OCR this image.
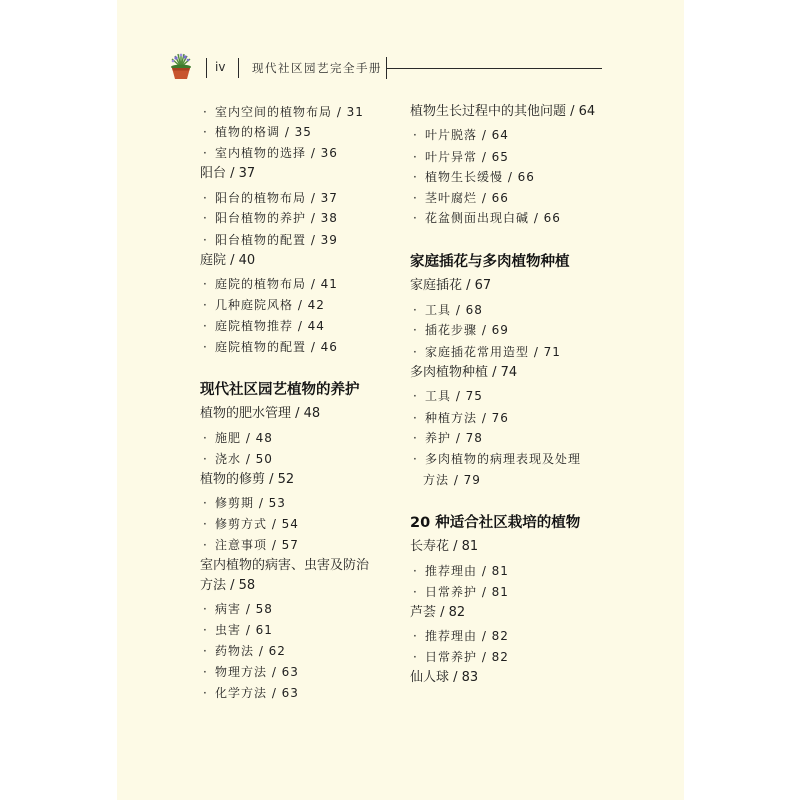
iv 现代社区园艺完全手册
· 室内空间的植物布局 / 31
· 植物的格调 / 35
· 室内植物的选择 / 36
阳台 / 37
· 阳台的植物布局 / 37
· 阳台植物的养护 / 38
· 阳台植物的配置 / 39
庭院 / 40
· 庭院的植物布局 / 41
· 几种庭院风格 / 42
· 庭院植物推荐 / 44
· 庭院植物的配置 / 46
现代社区园艺植物的养护
植物的肥水管理 / 48
· 施肥 / 48
· 浇水 / 50
植物的修剪 / 52
· 修剪期 / 53
· 修剪方式 / 54
· 注意事项 / 57
室内植物的病害、虫害及防治
方法 / 58
· 病害 / 58
· 虫害 / 61
· 药物法 / 62
· 物理方法 / 63
· 化学方法 / 63
植物生长过程中的其他问题 / 64
· 叶片脱落 / 64
· 叶片异常 / 65
· 植物生长缓慢 / 66
· 茎叶腐烂 / 66
· 花盆侧面出现白碱 / 66
家庭插花与多肉植物种植
家庭插花 / 67
· 工具 / 68
· 插花步骤 / 69
· 家庭插花常用造型 / 71
多肉植物种植 / 74
· 工具 / 75
· 种植方法 / 76
· 养护 / 78
· 多肉植物的病理表现及处理
方法 / 79
20 种适合社区栽培的植物
长寿花 / 81
· 推荐理由 / 81
· 日常养护 / 81
芦荟 / 82
· 推荐理由 / 82
· 日常养护 / 82
仙人球 / 83
